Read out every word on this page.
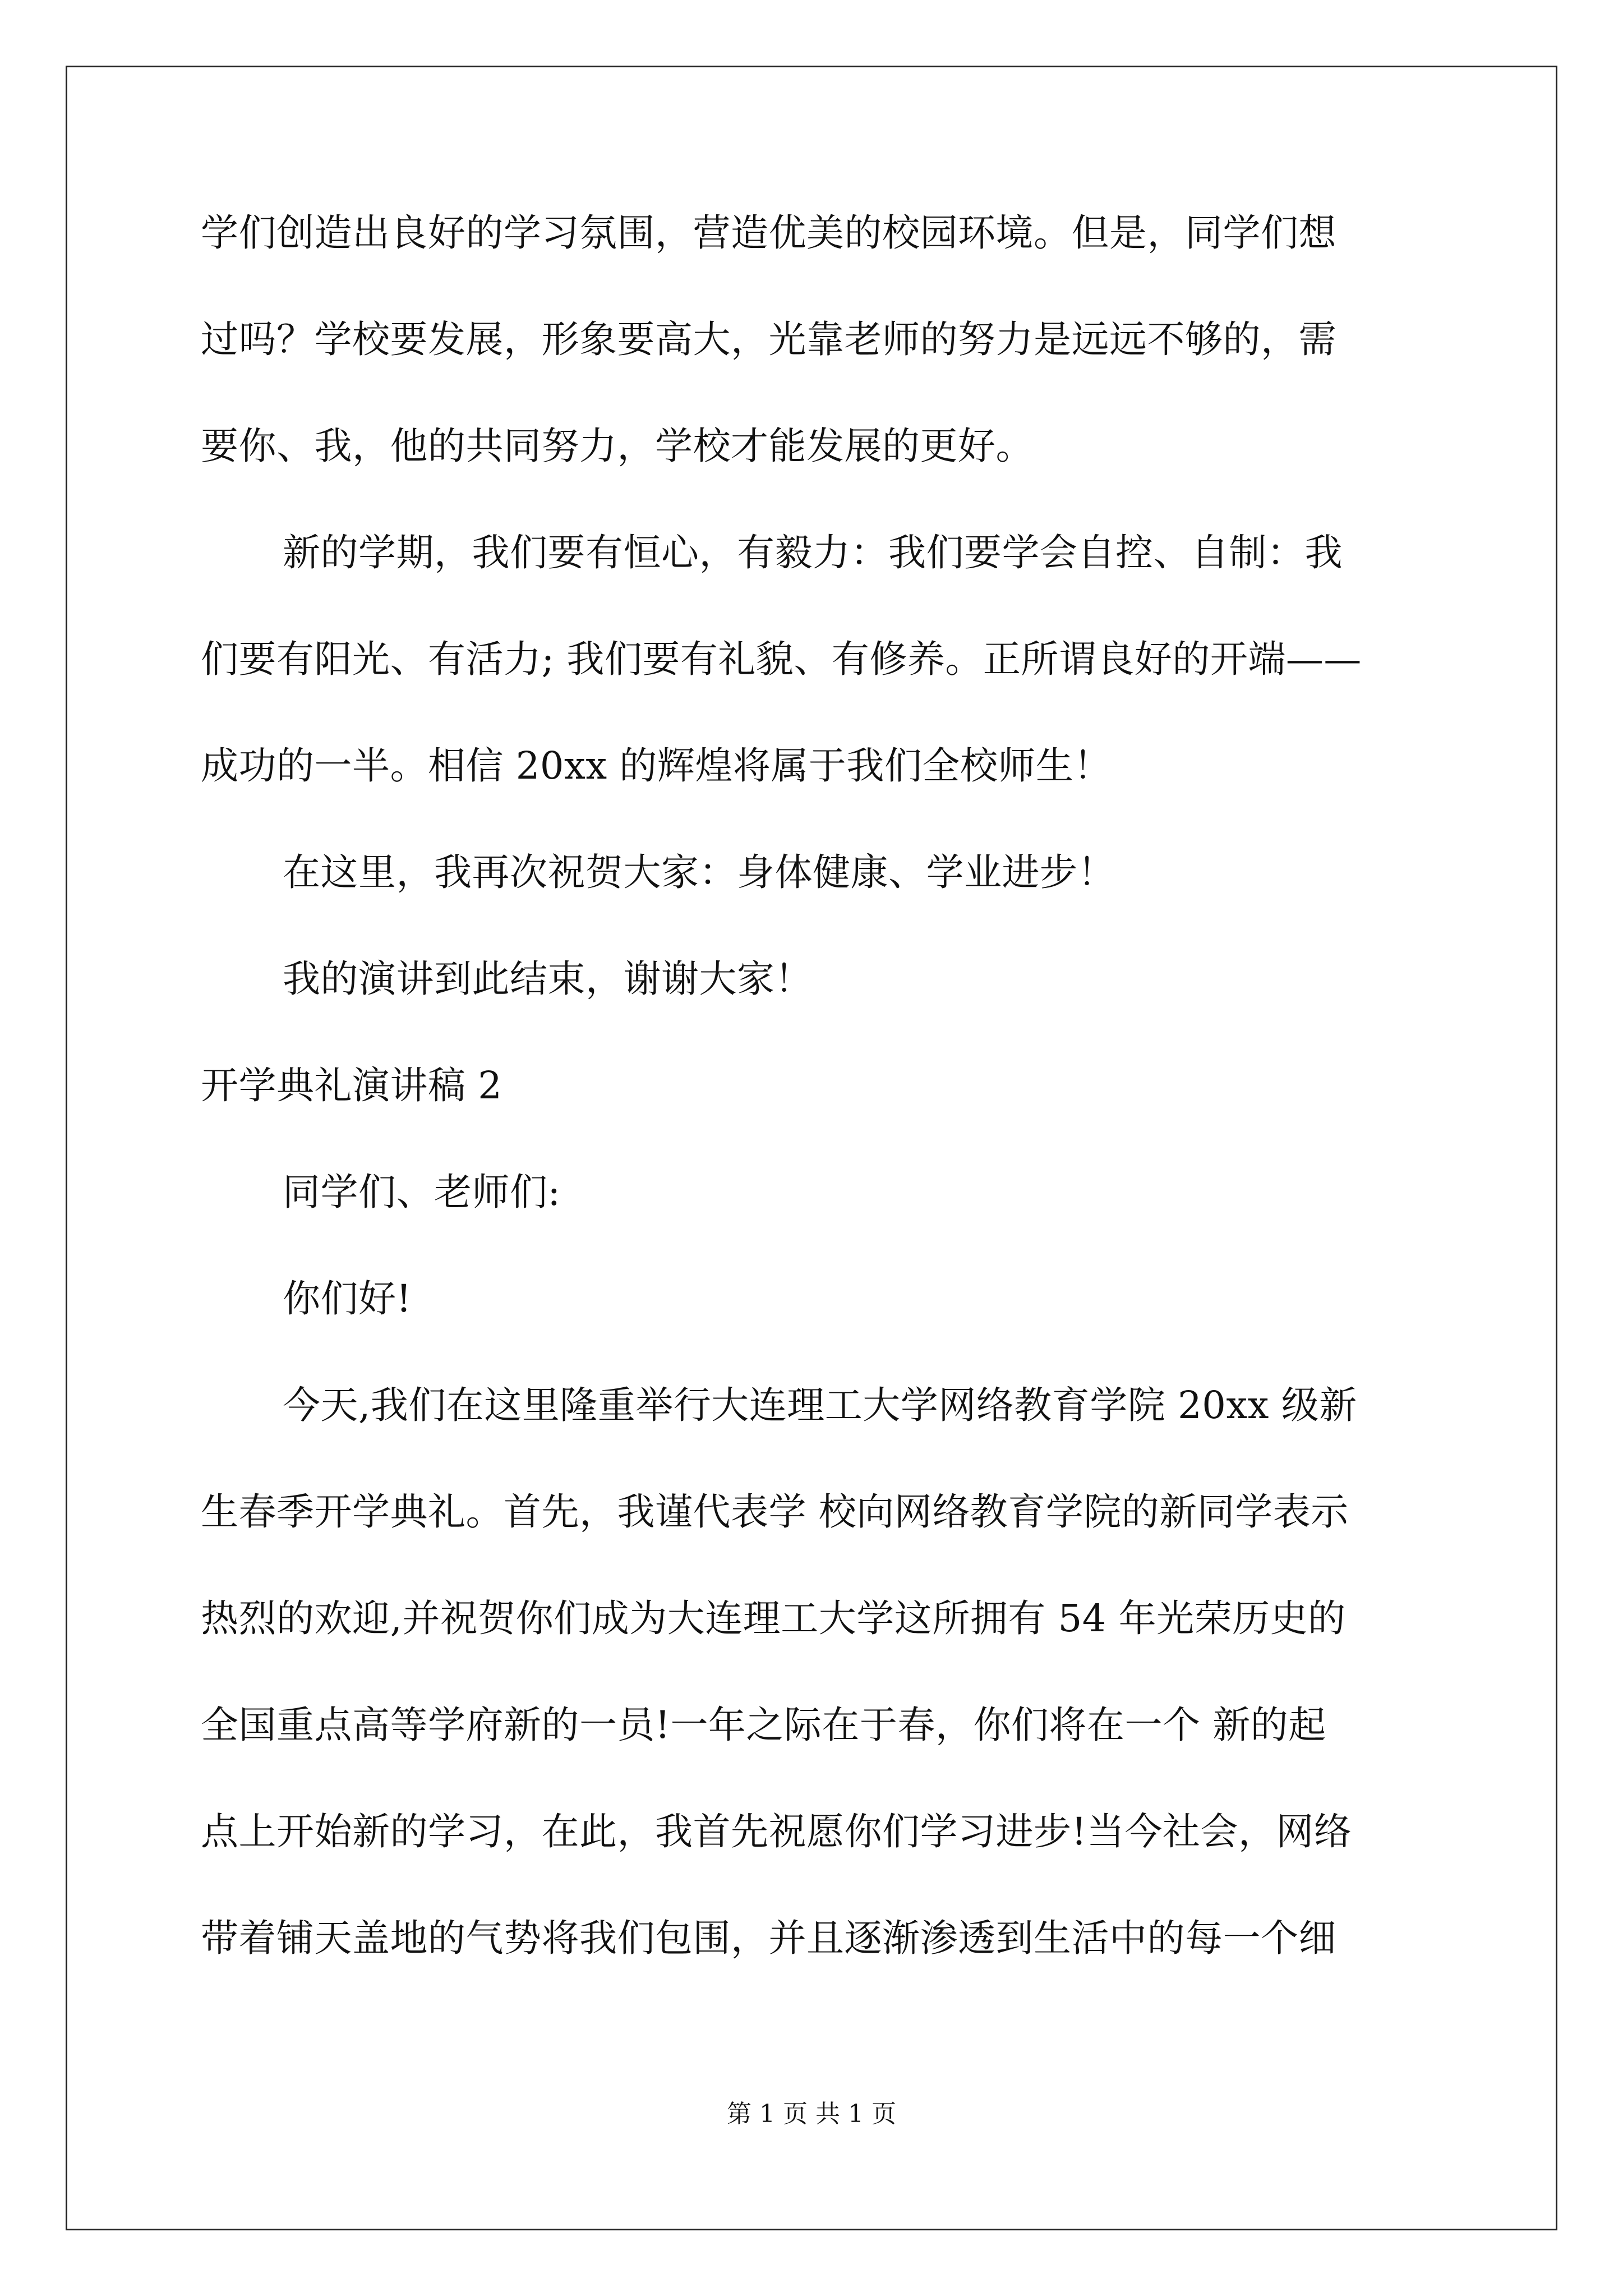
学们创造出良好的学习氛围，营造优美的校园环境。但是，同学们想
过吗？学校要发展，形象要高大，光靠老师的努力是远远不够的，需
要你、我，他的共同努力，学校才能发展的更好。
新的学期，我们要有恒心，有毅力：我们要学会自控、自制：我
们要有阳光、有活力; 我们要有礼貌、有修养。正所谓良好的开端——
成功的一半。相信 20xx 的辉煌将属于我们全校师生！
在这里，我再次祝贺大家：身体健康、学业进步！
我的演讲到此结束，谢谢大家！
开学典礼演讲稿 2
同学们、老师们:
你们好!
今天,我们在这里隆重举行大连理工大学网络教育学院 20xx 级新
生春季开学典礼。首先，我谨代表学 校向网络教育学院的新同学表示
热烈的欢迎,并祝贺你们成为大连理工大学这所拥有 54 年光荣历史的
全国重点高等学府新的一员!一年之际在于春，你们将在一个 新的起
点上开始新的学习，在此，我首先祝愿你们学习进步!当今社会，网络
带着铺天盖地的气势将我们包围，并且逐渐渗透到生活中的每一个细
第 1 页 共 1 页
